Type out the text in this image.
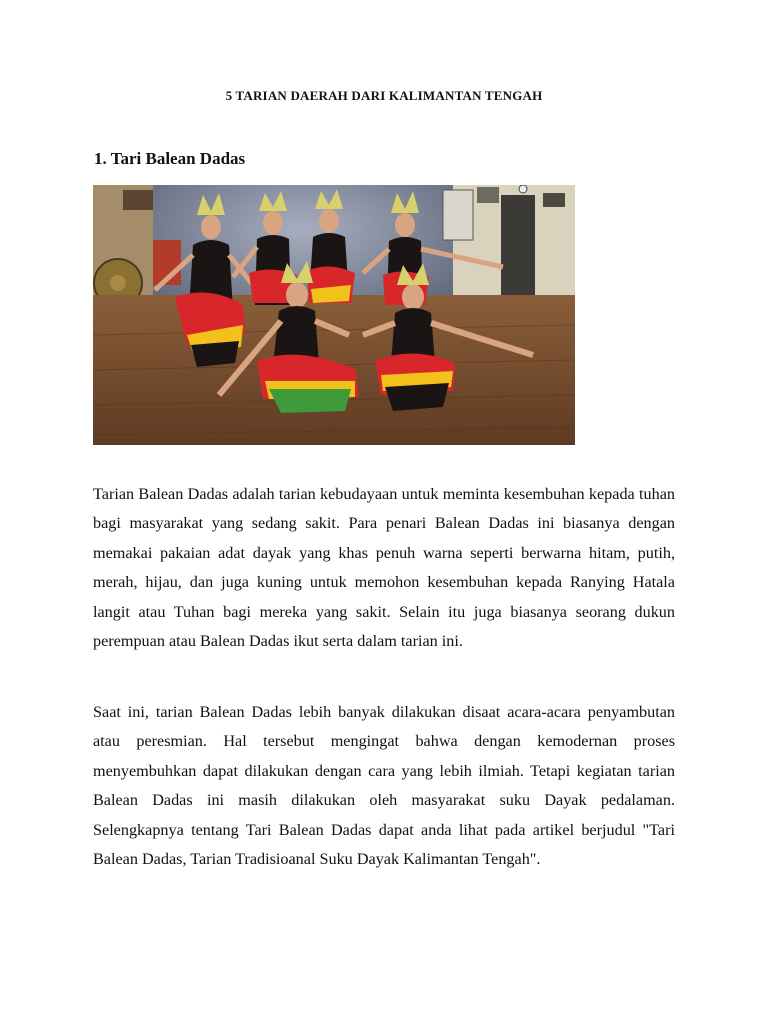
5 TARIAN DAERAH DARI KALIMANTAN TENGAH
1. Tari Balean Dadas

Tarian Balean Dadas adalah tarian kebudayaan untuk meminta kesembuhan kepada tuhan bagi masyarakat yang sedang sakit. Para penari Balean Dadas ini biasanya dengan memakai pakaian adat dayak yang khas penuh warna seperti berwarna hitam, putih, merah, hijau, dan juga kuning untuk memohon kesembuhan kepada Ranying Hatala langit atau Tuhan bagi mereka yang sakit. Selain itu juga biasanya seorang dukun perempuan atau Balean Dadas ikut serta dalam tarian ini.

Saat ini, tarian Balean Dadas lebih banyak dilakukan disaat acara-acara penyambutan atau peresmian. Hal tersebut mengingat bahwa dengan kemodernan proses menyembuhkan dapat dilakukan dengan cara yang lebih ilmiah. Tetapi kegiatan tarian Balean Dadas ini masih dilakukan oleh masyarakat suku Dayak pedalaman. Selengkapnya tentang Tari Balean Dadas dapat anda lihat pada artikel berjudul "Tari Balean Dadas, Tarian Tradisioanal Suku Dayak Kalimantan Tengah".
